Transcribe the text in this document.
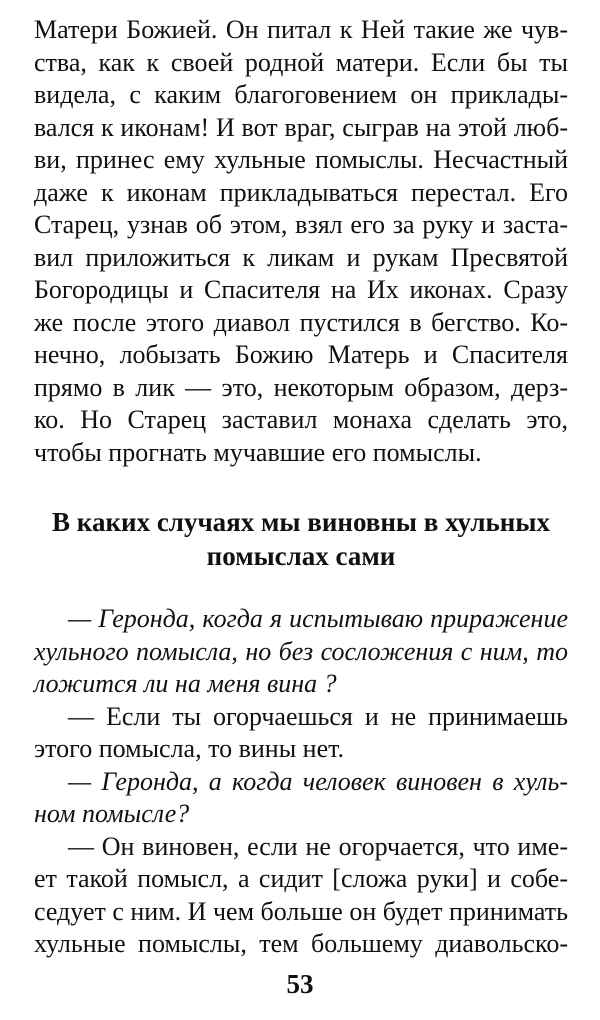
Матери Божией. Он питал к Ней такие же чув-

ства, как к своей родной матери. Если бы ты

видела, с каким благоговением он приклады-

вался к иконам! И вот враг, сыграв на этой люб-

ви, принес ему хульные помыслы. Несчастный

даже к иконам прикладываться перестал. Его

Старец, узнав об этом, взял его за руку и заста-

вил приложиться к ликам и рукам Пресвятой

Богородицы и Спасителя на Их иконах. Сразу

же после этого диавол пустился в бегство. Ко-

нечно, лобызать Божию Матерь и Спасителя

прямо в лик — это, некоторым образом, дерз-

ко. Но Старец заставил монаха сделать это,

чтобы прогнать мучавшие его помыслы.

В каких случаях мы виновны в хульных

помыслах сами

— Геронда, когда я испытываю приражение

хульного помысла, но без сосложения с ним, то

ложится ли на меня вина ?

— Если ты огорчаешься и не принимаешь

этого помысла, то вины нет.

— Геронда, а когда человек виновен в хуль-

ном помысле?

— Он виновен, если не огорчается, что име-

ет такой помысл, а сидит [сложа руки] и собе-

седует с ним. И чем больше он будет принимать

хульные помыслы, тем большему диавольско-

53
